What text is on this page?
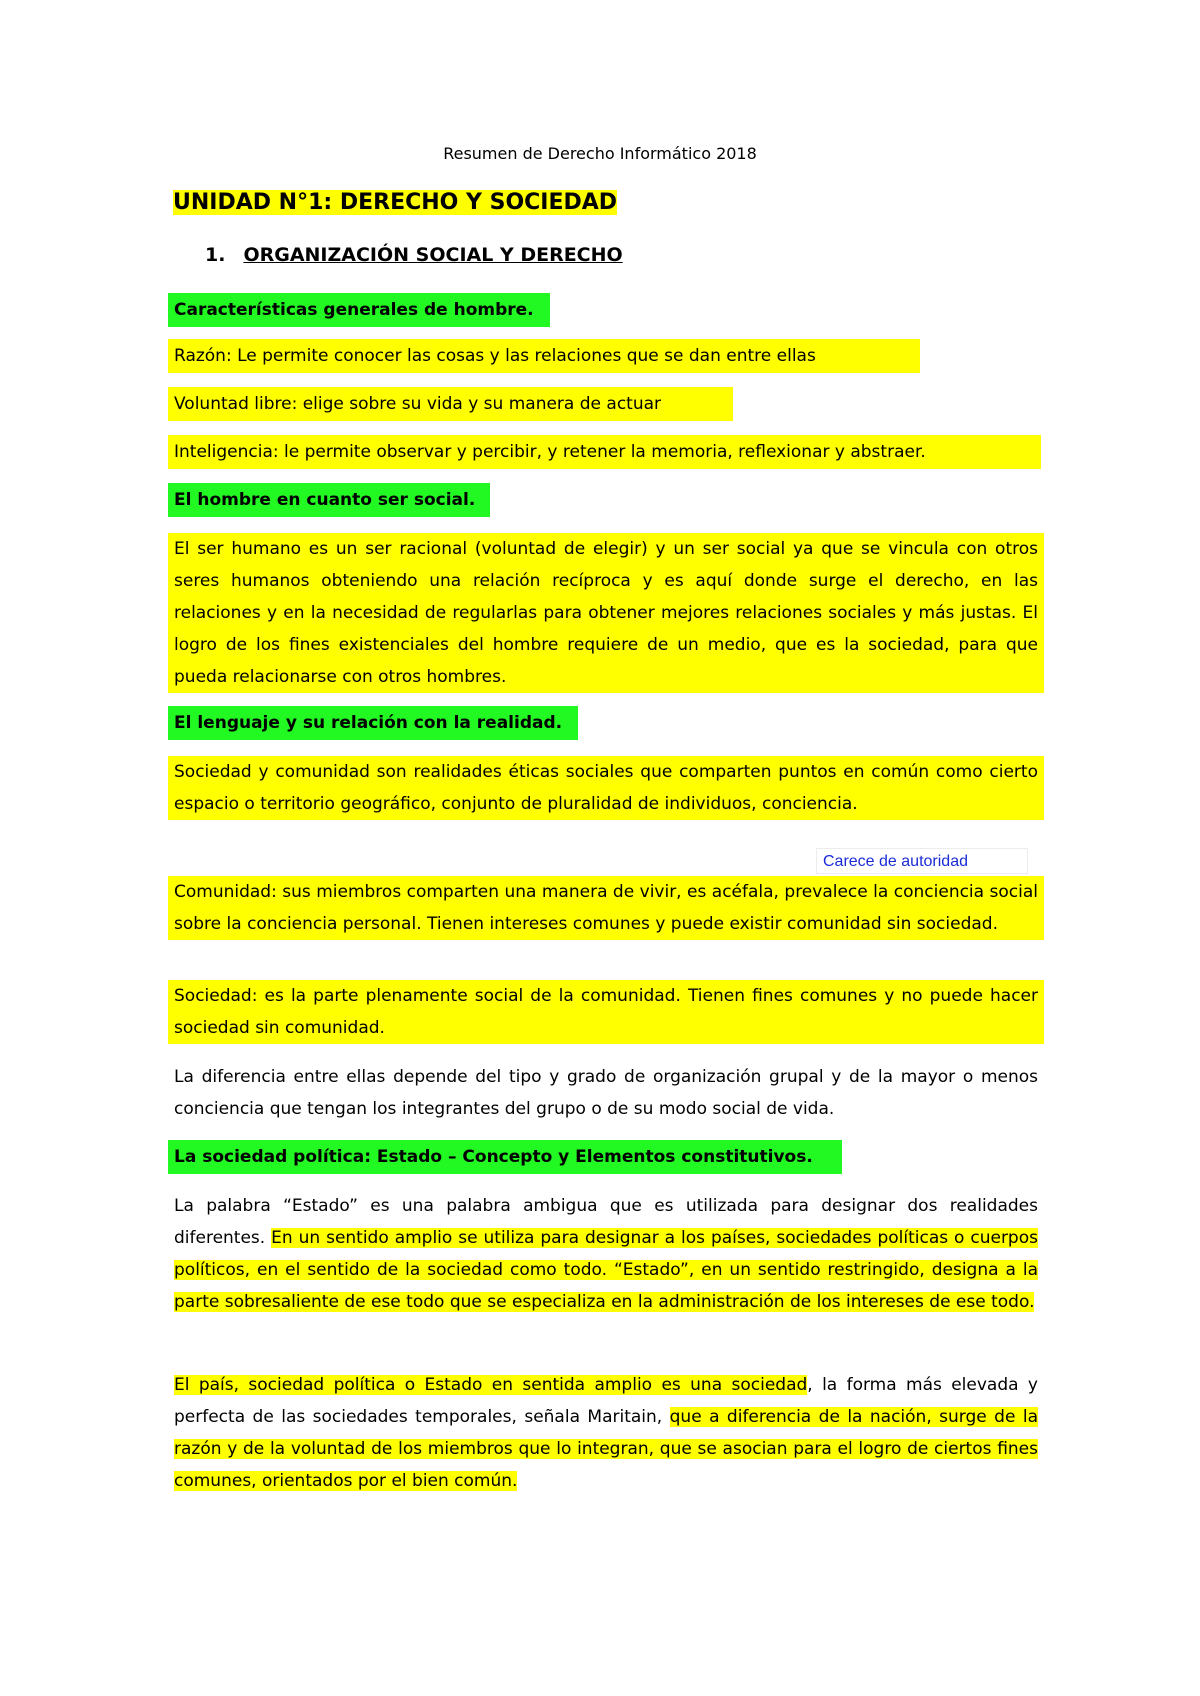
Resumen de Derecho Informático 2018
UNIDAD N°1: DERECHO Y SOCIEDAD
1. ORGANIZACIÓN SOCIAL Y DERECHO
Características generales de hombre.
Razón: Le permite conocer las cosas y las relaciones que se dan entre ellas
Voluntad libre: elige sobre su vida y su manera de actuar
Inteligencia: le permite observar y percibir, y retener la memoria, reflexionar y abstraer.
El hombre en cuanto ser social.
El ser humano es un ser racional (voluntad de elegir) y un ser social ya que se vincula con otros seres humanos obteniendo una relación recíproca y es aquí donde surge el derecho, en las relaciones y en la necesidad de regularlas para obtener mejores relaciones sociales y más justas. El logro de los fines existenciales del hombre requiere de un medio, que es la sociedad, para que pueda relacionarse con otros hombres.
El lenguaje y su relación con la realidad.
Sociedad y comunidad son realidades éticas sociales que comparten puntos en común como cierto espacio o territorio geográfico, conjunto de pluralidad de individuos, conciencia.
Carece de autoridad
Comunidad: sus miembros comparten una manera de vivir, es acéfala, prevalece la conciencia social sobre la conciencia personal. Tienen intereses comunes y puede existir comunidad sin sociedad.
Sociedad: es la parte plenamente social de la comunidad. Tienen fines comunes y no puede hacer sociedad sin comunidad.
La diferencia entre ellas depende del tipo y grado de organización grupal y de la mayor o menos conciencia que tengan los integrantes del grupo o de su modo social de vida.
La sociedad política: Estado – Concepto y Elementos constitutivos.
La palabra “Estado” es una palabra ambigua que es utilizada para designar dos realidades diferentes. En un sentido amplio se utiliza para designar a los países, sociedades políticas o cuerpos políticos, en el sentido de la sociedad como todo. “Estado”, en un sentido restringido, designa a la parte sobresaliente de ese todo que se especializa en la administración de los intereses de ese todo.
El país, sociedad política o Estado en sentida amplio es una sociedad, la forma más elevada y perfecta de las sociedades temporales, señala Maritain, que a diferencia de la nación, surge de la razón y de la voluntad de los miembros que lo integran, que se asocian para el logro de ciertos fines comunes, orientados por el bien común.
